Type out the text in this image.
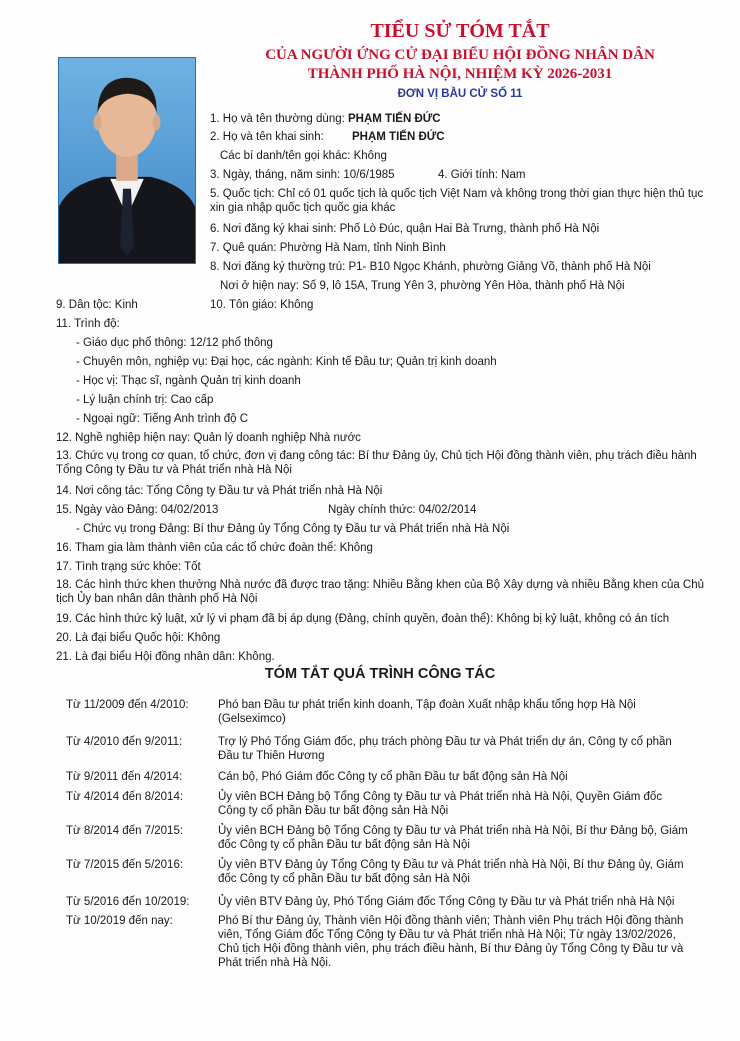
TIỂU SỬ TÓM TẮT
CỦA NGƯỜI ỨNG CỬ ĐẠI BIỂU HỘI ĐỒNG NHÂN DÂN
THÀNH PHỐ HÀ NỘI, NHIỆM KỲ 2026-2031
ĐƠN VỊ BẦU CỬ SỐ 11
1. Họ và tên thường dùng: PHẠM TIẾN ĐỨC
2. Họ và tên khai sinh: PHẠM TIẾN ĐỨC
Các bí danh/tên gọi khác: Không
3. Ngày, tháng, năm sinh: 10/6/1985	4. Giới tính: Nam
5. Quốc tịch: Chỉ có 01 quốc tịch là quốc tịch Việt Nam và không trong thời gian thực hiện thủ tục xin gia nhập quốc tịch quốc gia khác
6. Nơi đăng ký khai sinh: Phố Lò Đúc, quận Hai Bà Trưng, thành phố Hà Nội
7. Quê quán: Phường Hà Nam, tỉnh Ninh Bình
8. Nơi đăng ký thường trú: P1- B10 Ngọc Khánh, phường Giảng Võ, thành phố Hà Nội
Nơi ở hiện nay: Số 9, lô 15A, Trung Yên 3, phường Yên Hòa, thành phố Hà Nội
9. Dân tộc: Kinh	10. Tôn giáo: Không
11. Trình độ:
- Giáo dục phổ thông: 12/12 phổ thông
- Chuyên môn, nghiệp vụ: Đại học, các ngành: Kinh tế Đầu tư; Quản trị kinh doanh
- Học vị: Thạc sĩ, ngành Quản trị kinh doanh
- Lý luận chính trị: Cao cấp
- Ngoại ngữ: Tiếng Anh trình độ C
12. Nghề nghiệp hiện nay: Quản lý doanh nghiệp Nhà nước
13. Chức vụ trong cơ quan, tổ chức, đơn vị đang công tác: Bí thư Đảng ủy, Chủ tịch Hội đồng thành viên, phụ trách điều hành Tổng Công ty Đầu tư và Phát triển nhà Hà Nội
14. Nơi công tác: Tổng Công ty Đầu tư và Phát triển nhà Hà Nội
15. Ngày vào Đảng: 04/02/2013	Ngày chính thức: 04/02/2014
- Chức vụ trong Đảng: Bí thư Đảng ủy Tổng Công ty Đầu tư và Phát triển nhà Hà Nội
16. Tham gia làm thành viên của các tổ chức đoàn thể: Không
17. Tình trạng sức khỏe: Tốt
18. Các hình thức khen thưởng Nhà nước đã được trao tặng: Nhiều Bằng khen của Bộ Xây dựng và nhiều Bằng khen của Chủ tịch Ủy ban nhân dân thành phố Hà Nội
19. Các hình thức kỷ luật, xử lý vi phạm đã bị áp dụng (Đảng, chính quyền, đoàn thể): Không bị kỷ luật, không có án tích
20. Là đại biểu Quốc hội: Không
21. Là đại biểu Hội đồng nhân dân: Không.
TÓM TẮT QUÁ TRÌNH CÔNG TÁC
Từ 11/2009 đến 4/2010:	Phó ban Đầu tư phát triển kinh doanh, Tập đoàn Xuất nhập khẩu tổng hợp Hà Nội (Gelseximco)
Từ 4/2010 đến 9/2011:	Trợ lý Phó Tổng Giám đốc, phụ trách phòng Đầu tư và Phát triển dự án, Công ty cổ phần Đầu tư Thiên Hương
Từ 9/2011 đến 4/2014:	Cán bộ, Phó Giám đốc Công ty cổ phần Đầu tư bất động sản Hà Nội
Từ 4/2014 đến 8/2014:	Ủy viên BCH Đảng bộ Tổng Công ty Đầu tư và Phát triển nhà Hà Nội, Quyền Giám đốc Công ty cổ phần Đầu tư bất động sản Hà Nội
Từ 8/2014 đến 7/2015:	Ủy viên BCH Đảng bộ Tổng Công ty Đầu tư và Phát triển nhà Hà Nội, Bí thư Đảng bộ, Giám đốc Công ty cổ phần Đầu tư bất động sản Hà Nội
Từ 7/2015 đến 5/2016:	Ủy viên BTV Đảng ủy Tổng Công ty Đầu tư và Phát triển nhà Hà Nội, Bí thư Đảng ủy, Giám đốc Công ty cổ phần Đầu tư bất động sản Hà Nội
Từ 5/2016 đến 10/2019:	Ủy viên BTV Đảng ủy, Phó Tổng Giám đốc Tổng Công ty Đầu tư và Phát triển nhà Hà Nội
Từ 10/2019 đến nay:	Phó Bí thư Đảng ủy, Thành viên Hội đồng thành viên; Thành viên Phụ trách Hội đồng thành viên, Tổng Giám đốc Tổng Công ty Đầu tư và Phát triển nhà Hà Nội; Từ ngày 13/02/2026, Chủ tịch Hội đồng thành viên, phụ trách điều hành, Bí thư Đảng ủy Tổng Công ty Đầu tư và Phát triển nhà Hà Nội.
